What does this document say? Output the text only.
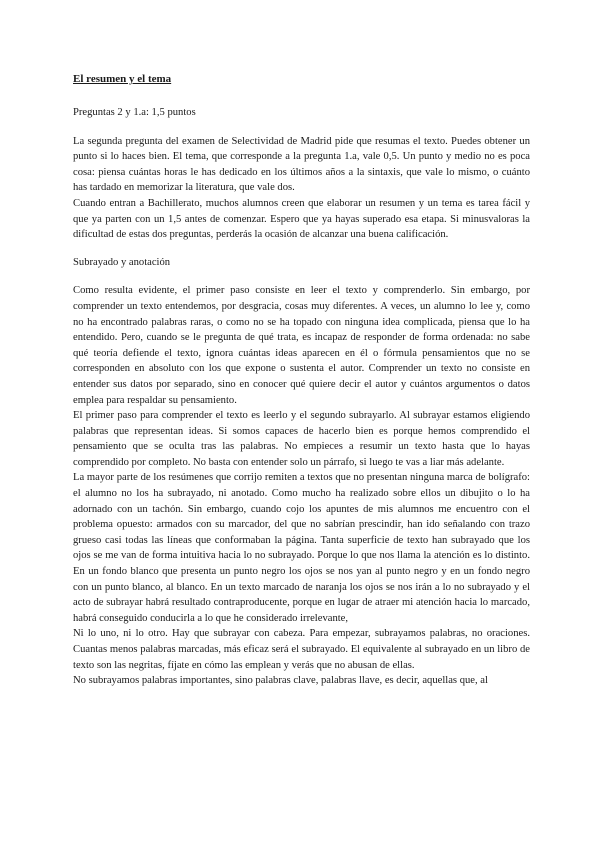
El resumen y el tema
Preguntas 2 y 1.a: 1,5 puntos

La segunda pregunta del examen de Selectividad de Madrid pide que resumas el texto. Puedes obtener un punto si lo haces bien. El tema, que corresponde a la pregunta 1.a, vale 0,5. Un punto y medio no es poca cosa: piensa cuántas horas le has dedicado en los últimos años a la sintaxis, que vale lo mismo, o cuánto has tardado en memorizar la literatura, que vale dos.

Cuando entran a Bachillerato, muchos alumnos creen que elaborar un resumen y un tema es tarea fácil y que ya parten con un 1,5 antes de comenzar. Espero que ya hayas superado esa etapa. Si minusvaloras la dificultad de estas dos preguntas, perderás la ocasión de alcanzar una buena calificación.

Subrayado y anotación

Como resulta evidente, el primer paso consiste en leer el texto y comprenderlo. Sin embargo, por comprender un texto entendemos, por desgracia, cosas muy diferentes. A veces, un alumno lo lee y, como no ha encontrado palabras raras, o como no se ha topado con ninguna idea complicada, piensa que lo ha entendido. Pero, cuando se le pregunta de qué trata, es incapaz de responder de forma ordenada: no sabe qué teoría defiende el texto, ignora cuántas ideas aparecen en él o fórmula pensamientos que no se corresponden en absoluto con los que expone o sustenta el autor. Comprender un texto no consiste en entender sus datos por separado, sino en conocer qué quiere decir el autor y cuántos argumentos o datos emplea para respaldar su pensamiento.

El primer paso para comprender el texto es leerlo y el segundo subrayarlo. Al subrayar estamos eligiendo palabras que representan ideas. Si somos capaces de hacerlo bien es porque hemos comprendido el pensamiento que se oculta tras las palabras. No empieces a resumir un texto hasta que lo hayas comprendido por completo. No basta con entender solo un párrafo, si luego te vas a liar más adelante.

La mayor parte de los resúmenes que corrijo remiten a textos que no presentan ninguna marca de bolígrafo: el alumno no los ha subrayado, ni anotado. Como mucho ha realizado sobre ellos un dibujito o lo ha adornado con un tachón. Sin embargo, cuando cojo los apuntes de mis alumnos me encuentro con el problema opuesto: armados con su marcador, del que no sabrían prescindir, han ido señalando con trazo grueso casi todas las líneas que conformaban la página. Tanta superficie de texto han subrayado que los ojos se me van de forma intuitiva hacia lo no subrayado. Porque lo que nos llama la atención es lo distinto. En un fondo blanco que presenta un punto negro los ojos se nos yan al punto negro y en un fondo negro con un punto blanco, al blanco. En un texto marcado de naranja los ojos se nos irán a lo no subrayado y el acto de subrayar habrá resultado contraproducente, porque en lugar de atraer mi atención hacia lo marcado, habrá conseguido conducirla a lo que he considerado irrelevante,

Ni lo uno, ni lo otro. Hay que subrayar con cabeza. Para empezar, subrayamos palabras, no oraciones. Cuantas menos palabras marcadas, más eficaz será el subrayado. El equivalente al subrayado en un libro de texto son las negritas, fíjate en cómo las emplean y verás que no abusan de ellas.

No subrayamos palabras importantes, sino palabras clave, palabras llave, es decir, aquellas que, al
